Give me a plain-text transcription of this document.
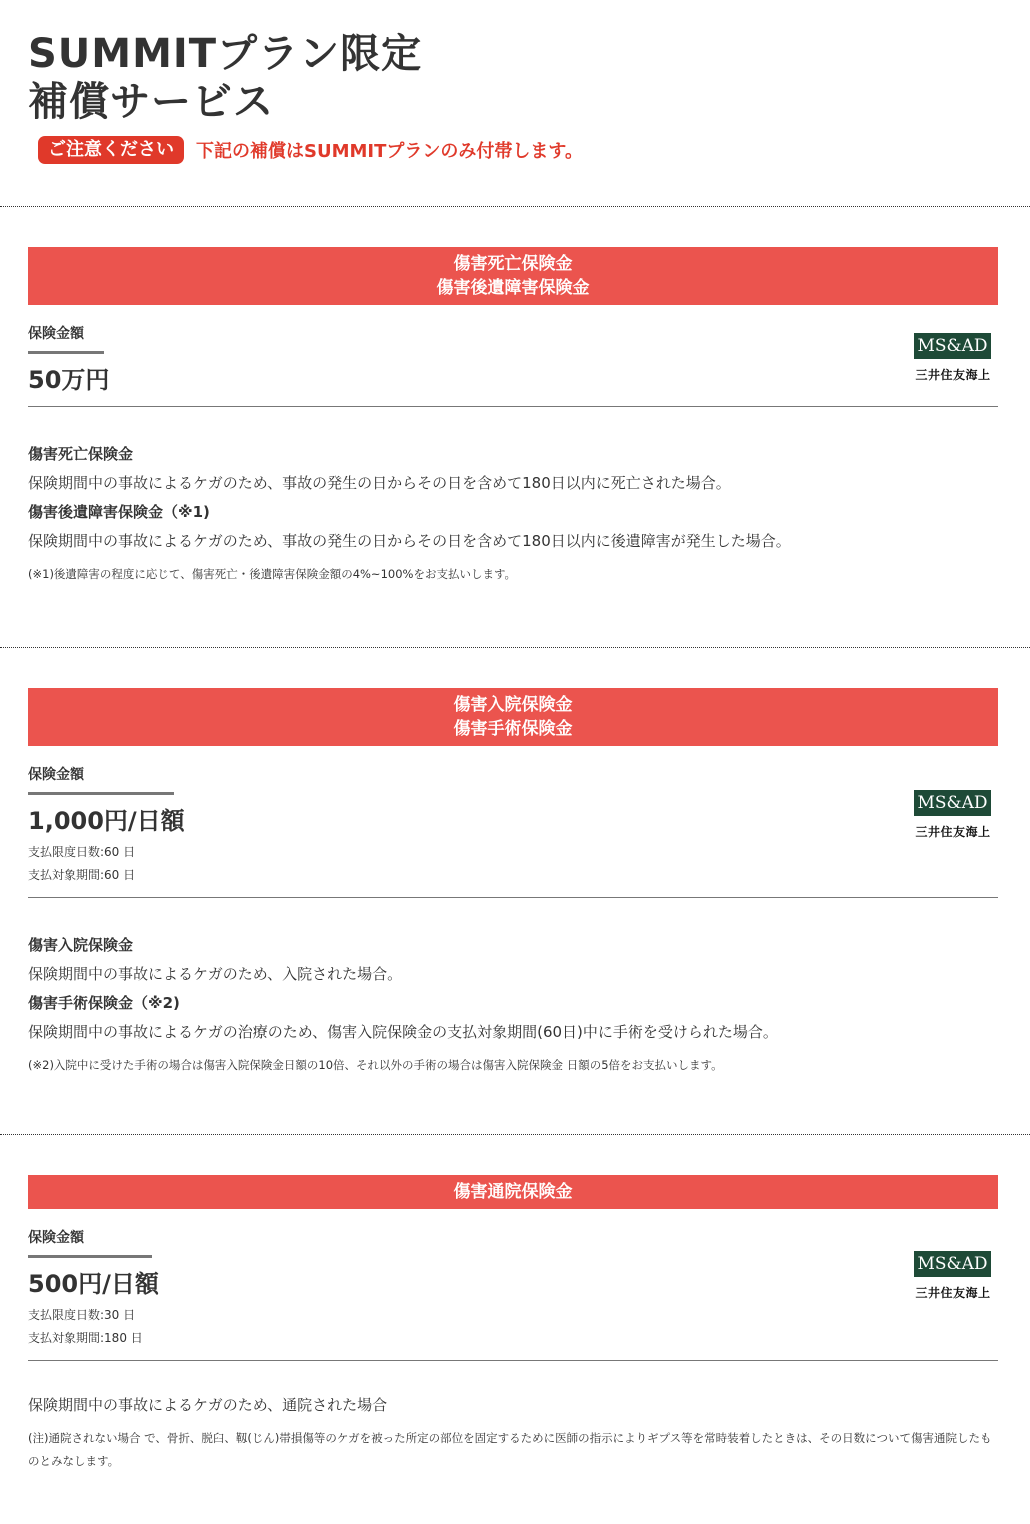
SUMMITプラン限定
補償サービス
ご注意ください	下記の補償はSUMMITプランのみ付帯します。
傷害死亡保険金
傷害後遺障害保険金
保険金額
50万円
MS&AD
三井住友海上
傷害死亡保険金
保険期間中の事故によるケガのため、事故の発生の日からその日を含めて180日以内に死亡された場合。
傷害後遺障害保険金（※1)
保険期間中の事故によるケガのため、事故の発生の日からその日を含めて180日以内に後遺障害が発生した場合。
(※1)後遺障害の程度に応じて、傷害死亡・後遺障害保険金額の4%~100%をお支払いします。
傷害入院保険金
傷害手術保険金
保険金額
1,000円/日額
支払限度日数:60 日
支払対象期間:60 日
MS&AD
三井住友海上
傷害入院保険金
保険期間中の事故によるケガのため、入院された場合。
傷害手術保険金（※2)
保険期間中の事故によるケガの治療のため、傷害入院保険金の支払対象期間(60日)中に手術を受けられた場合。
(※2)入院中に受けた手術の場合は傷害入院保険金日額の10倍、それ以外の手術の場合は傷害入院保険金 日額の5倍をお支払いします。
傷害通院保険金
保険金額
500円/日額
支払限度日数:30 日
支払対象期間:180 日
MS&AD
三井住友海上
保険期間中の事故によるケガのため、通院された場合
(注)通院されない場合 で、骨折、脱臼、靱(じん)帯損傷等のケガを被った所定の部位を固定するために医師の指示によりギプス等を常時装着したときは、その日数について傷害通院したものとみなします。
